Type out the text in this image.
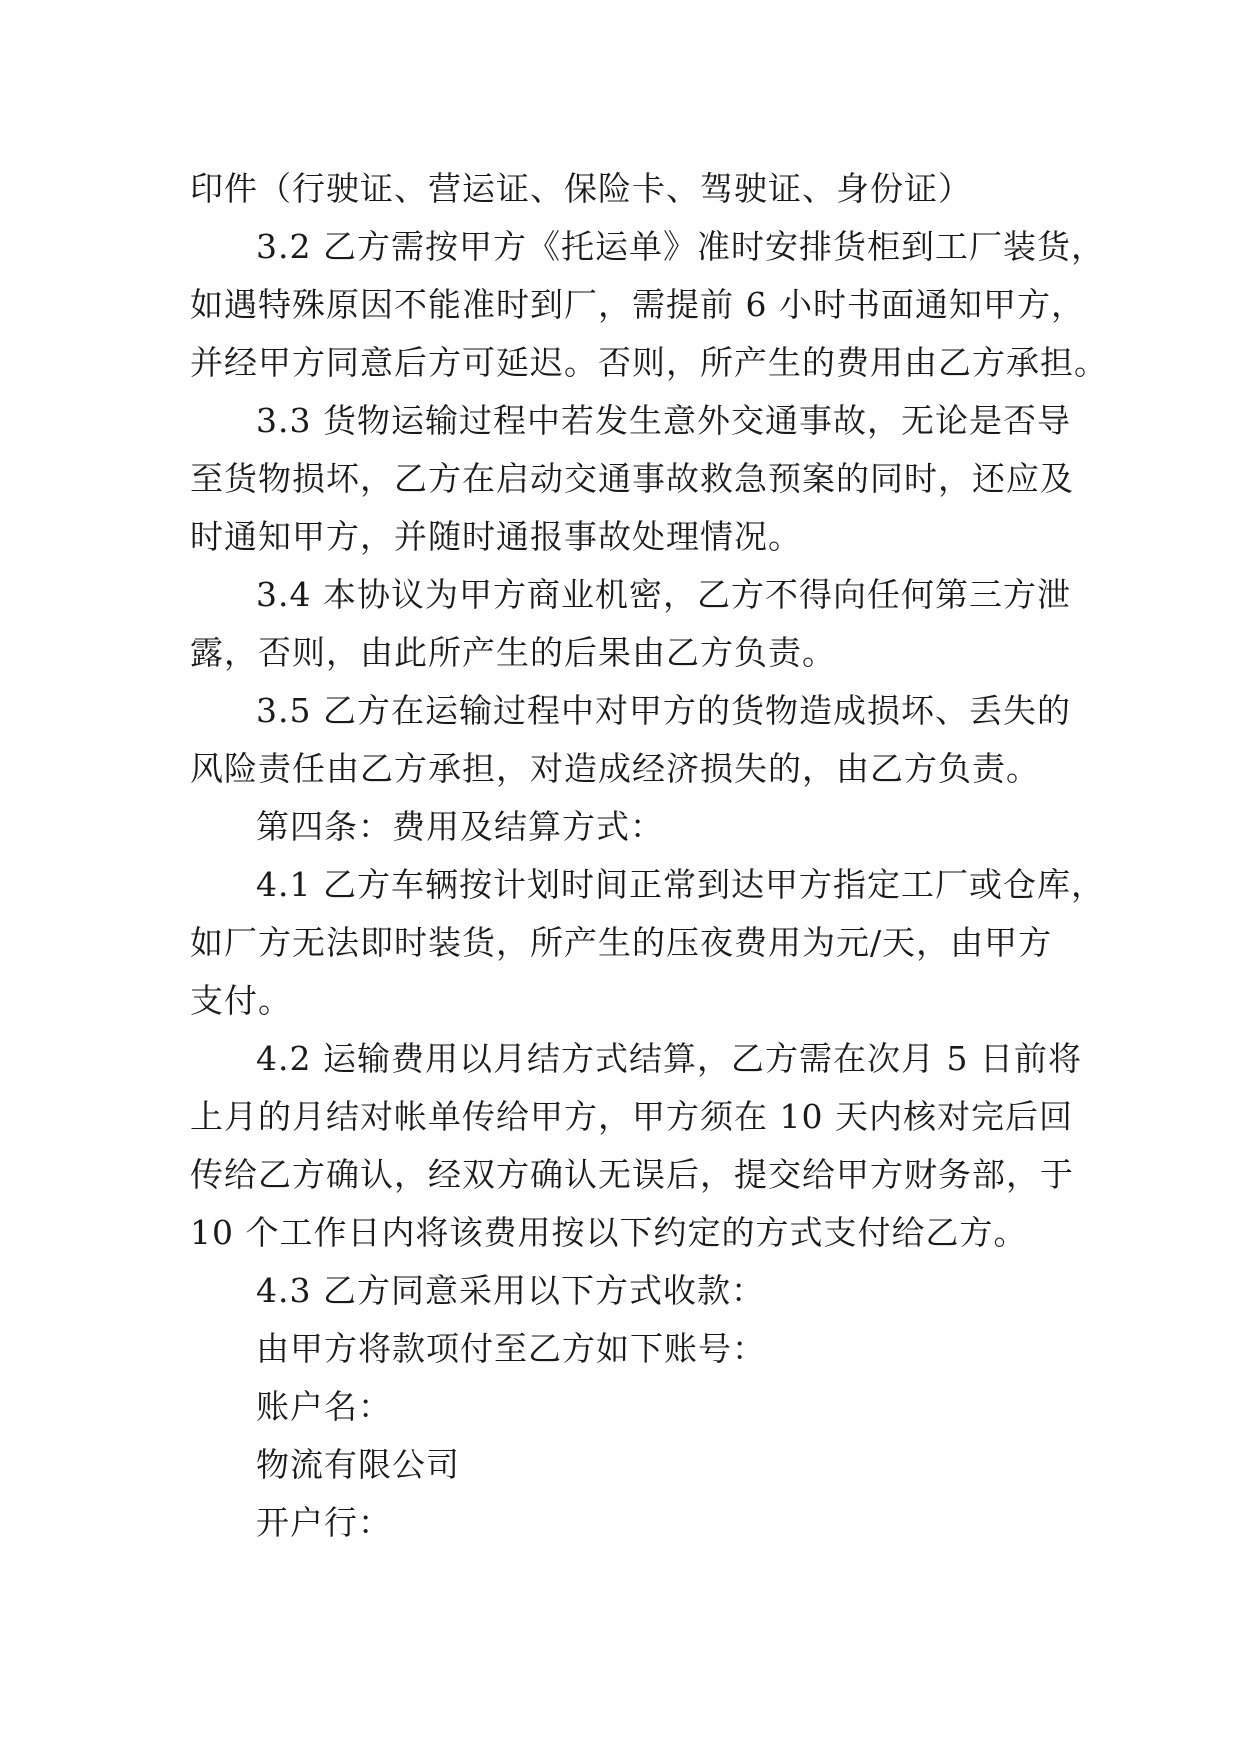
印件（行驶证、营运证、保险卡、驾驶证、身份证）
3.2 乙方需按甲方《托运单》准时安排货柜到工厂装货，
如遇特殊原因不能准时到厂，需提前 6 小时书面通知甲方，
并经甲方同意后方可延迟。否则，所产生的费用由乙方承担。
3.3 货物运输过程中若发生意外交通事故，无论是否导
至货物损坏，乙方在启动交通事故救急预案的同时，还应及
时通知甲方，并随时通报事故处理情况。
3.4 本协议为甲方商业机密，乙方不得向任何第三方泄
露，否则，由此所产生的后果由乙方负责。
3.5 乙方在运输过程中对甲方的货物造成损坏、丢失的
风险责任由乙方承担，对造成经济损失的，由乙方负责。
第四条：费用及结算方式：
4.1 乙方车辆按计划时间正常到达甲方指定工厂或仓库，
如厂方无法即时装货，所产生的压夜费用为元/天，由甲方
支付。
4.2 运输费用以月结方式结算，乙方需在次月 5 日前将
上月的月结对帐单传给甲方，甲方须在 10 天内核对完后回
传给乙方确认，经双方确认无误后，提交给甲方财务部，于
10 个工作日内将该费用按以下约定的方式支付给乙方。
4.3 乙方同意采用以下方式收款：
由甲方将款项付至乙方如下账号：
账户名：
物流有限公司
开户行：
